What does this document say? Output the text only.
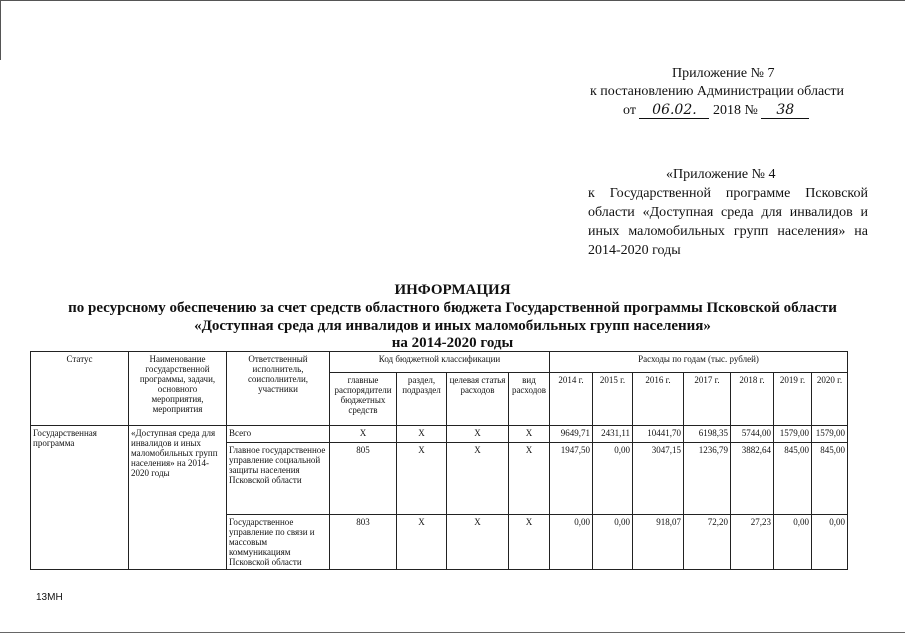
Приложение № 7
к постановлению Администрации области
от 06.02. 2018 № 38
«Приложение № 4
к Государственной программе Псковской области «Доступная среда для инвалидов и иных маломобильных групп населения» на 2014-2020 годы
ИНФОРМАЦИЯ
по ресурсному обеспечению за счет средств областного бюджета Государственной программы Псковской области
«Доступная среда для инвалидов и иных маломобильных групп населения»
на 2014-2020 годы
Статус	Наименование государственной программы, задачи, основного мероприятия, мероприятия	Ответственный исполнитель, соисполнители, участники	Код бюджетной классификации				Расходы по годам (тыс. рублей)						
			главные распорядители бюджетных средств	раздел, подраздел	целевая статья расходов	вид расходов	2014 г.	2015 г.	2016 г.	2017 г.	2018 г.	2019 г.	2020 г.
Государственная программа	«Доступная среда для инвалидов и иных маломобильных групп населения» на 2014-2020 годы	Всего	X	X	X	X	9649,71	2431,11	10441,70	6198,35	5744,00	1579,00	1579,00
		Главное государственное управление социальной защиты населения Псковской области	805	X	X	X	1947,50	0,00	3047,15	1236,79	3882,64	845,00	845,00
		Государственное управление по связи и массовым коммуникациям Псковской области	803	X	X	X	0,00	0,00	918,07	72,20	27,23	0,00	0,00
13МН
